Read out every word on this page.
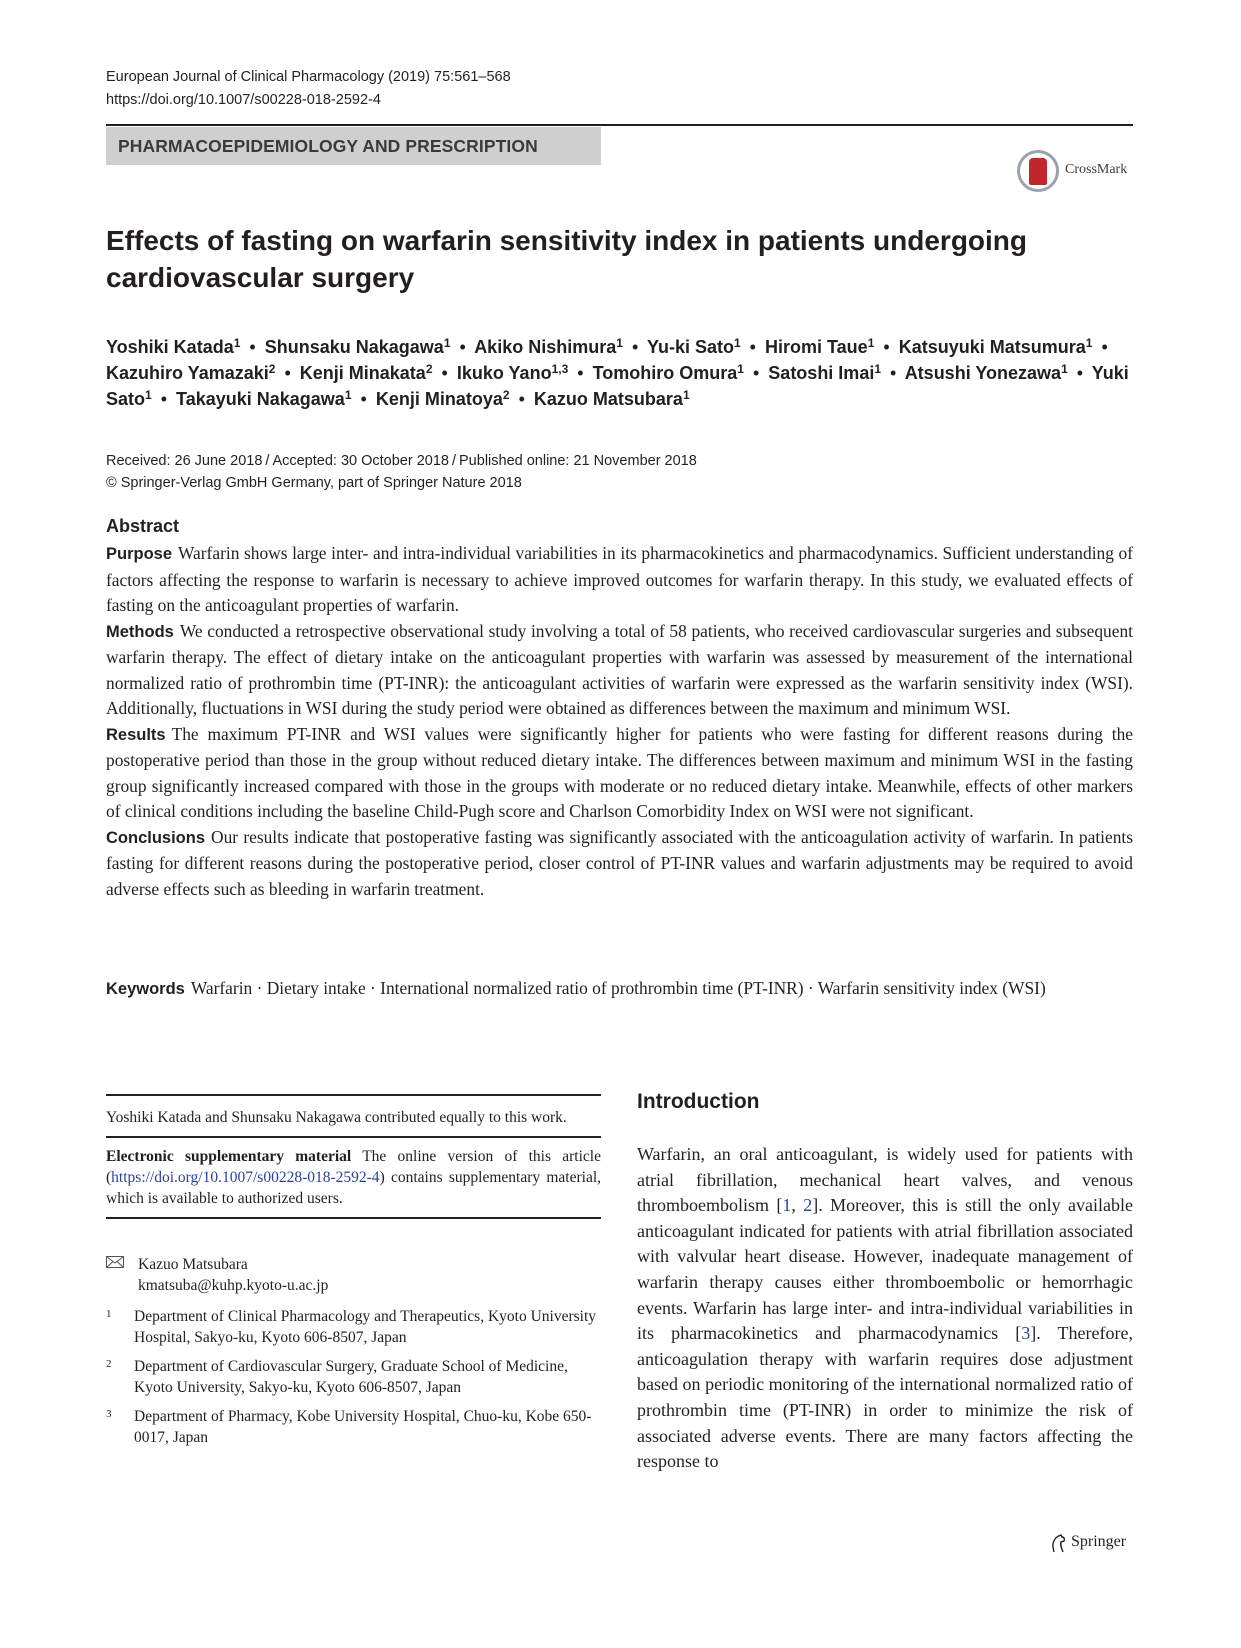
European Journal of Clinical Pharmacology (2019) 75:561–568
https://doi.org/10.1007/s00228-018-2592-4
PHARMACOEPIDEMIOLOGY AND PRESCRIPTION
CrossMark
Effects of fasting on warfarin sensitivity index in patients undergoing cardiovascular surgery
Yoshiki Katada$^1$ • Shunsaku Nakagawa$^1$ • Akiko Nishimura$^1$ • Yu-ki Sato$^1$ • Hiromi Taue$^1$ • Katsuyuki Matsumura$^1$ • Kazuhiro Yamazaki$^2$ • Kenji Minakata$^2$ • Ikuko Yano$^{1,3}$ • Tomohiro Omura$^1$ • Satoshi Imai$^1$ • Atsushi Yonezawa$^1$ • Yuki Sato$^1$ • Takayuki Nakagawa$^1$ • Kenji Minatoya$^2$ • Kazuo Matsubara$^1$
Received: 26 June 2018 / Accepted: 30 October 2018 / Published online: 21 November 2018
© Springer-Verlag GmbH Germany, part of Springer Nature 2018
Abstract

Purpose Warfarin shows large inter- and intra-individual variabilities in its pharmacokinetics and pharmacodynamics. Sufficient understanding of factors affecting the response to warfarin is necessary to achieve improved outcomes for warfarin therapy. In this study, we evaluated effects of fasting on the anticoagulant properties of warfarin.

Methods We conducted a retrospective observational study involving a total of 58 patients, who received cardiovascular surgeries and subsequent warfarin therapy. The effect of dietary intake on the anticoagulant properties with warfarin was assessed by measurement of the international normalized ratio of prothrombin time (PT-INR): the anticoagulant activities of warfarin were expressed as the warfarin sensitivity index (WSI). Additionally, fluctuations in WSI during the study period were obtained as differences between the maximum and minimum WSI.

Results The maximum PT-INR and WSI values were significantly higher for patients who were fasting for different reasons during the postoperative period than those in the group without reduced dietary intake. The differences between maximum and minimum WSI in the fasting group significantly increased compared with those in the groups with moderate or no reduced dietary intake. Meanwhile, effects of other markers of clinical conditions including the baseline Child-Pugh score and Charlson Comorbidity Index on WSI were not significant.

Conclusions Our results indicate that postoperative fasting was significantly associated with the anticoagulation activity of warfarin. In patients fasting for different reasons during the postoperative period, closer control of PT-INR values and warfarin adjustments may be required to avoid adverse effects such as bleeding in warfarin treatment.

Keywords Warfarin · Dietary intake · International normalized ratio of prothrombin time (PT-INR) · Warfarin sensitivity index (WSI)
Yoshiki Katada and Shunsaku Nakagawa contributed equally to this work.
Electronic supplementary material The online version of this article (https://doi.org/10.1007/s00228-018-2592-4) contains supplementary material, which is available to authorized users.
Kazuo Matsubara
kmatsuba@kuhp.kyoto-u.ac.jp
1 Department of Clinical Pharmacology and Therapeutics, Kyoto University Hospital, Sakyo-ku, Kyoto 606-8507, Japan
2 Department of Cardiovascular Surgery, Graduate School of Medicine, Kyoto University, Sakyo-ku, Kyoto 606-8507, Japan
3 Department of Pharmacy, Kobe University Hospital, Chuo-ku, Kobe 650-0017, Japan
Introduction
Warfarin, an oral anticoagulant, is widely used for patients with atrial fibrillation, mechanical heart valves, and venous thromboembolism [1, 2]. Moreover, this is still the only available anticoagulant indicated for patients with atrial fibrillation associated with valvular heart disease. However, inadequate management of warfarin therapy causes either thromboembolic or hemorrhagic events. Warfarin has large inter- and intra-individual variabilities in its pharmacokinetics and pharmacodynamics [3]. Therefore, anticoagulation therapy with warfarin requires dose adjustment based on periodic monitoring of the international normalized ratio of prothrombin time (PT-INR) in order to minimize the risk of associated adverse events. There are many factors affecting the response to
Springer
